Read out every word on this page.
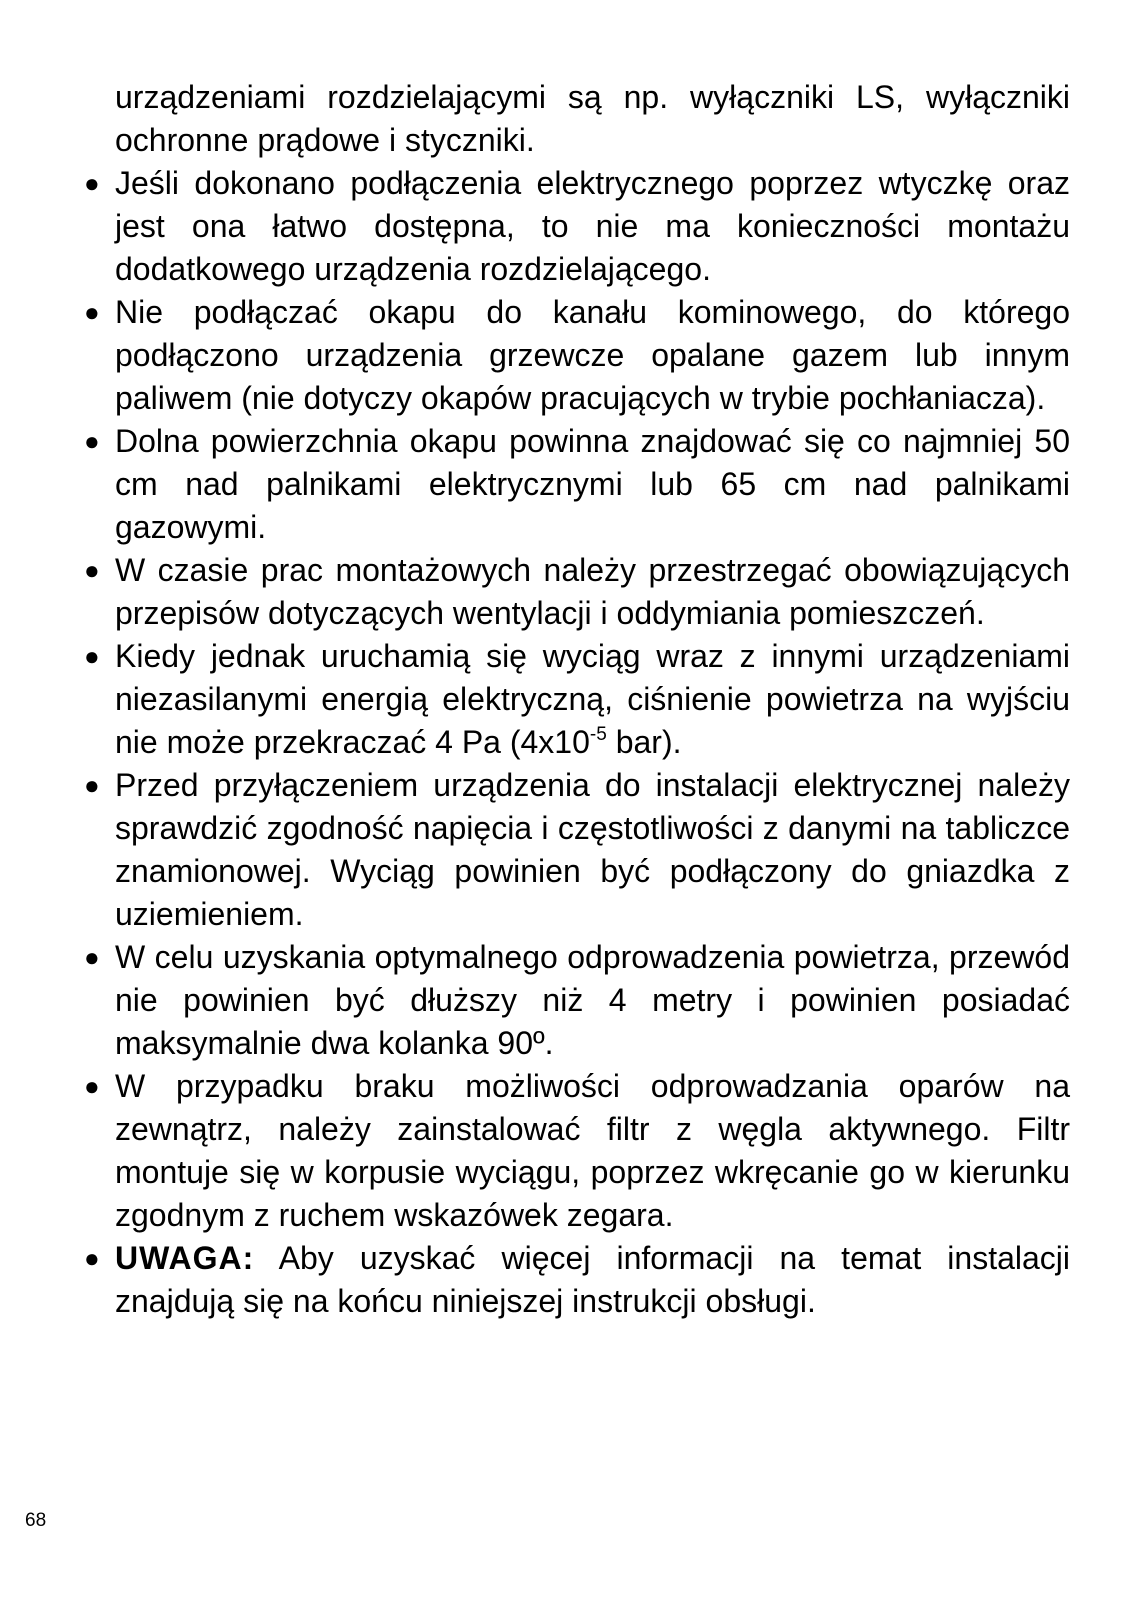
urządzeniami rozdzielającymi są np. wyłączniki LS, wyłączniki ochronne prądowe i styczniki.

● Jeśli dokonano podłączenia elektrycznego poprzez wtyczkę oraz jest ona łatwo dostępna, to nie ma konieczności montażu dodatkowego urządzenia rozdzielającego.
● Nie podłączać okapu do kanału kominowego, do którego podłączono urządzenia grzewcze opalane gazem lub innym paliwem (nie dotyczy okapów pracujących w trybie pochłaniacza).
● Dolna powierzchnia okapu powinna znajdować się co najmniej 50 cm nad palnikami elektrycznymi lub 65 cm nad palnikami gazowymi.
● W czasie prac montażowych należy przestrzegać obowiązujących przepisów dotyczących wentylacji i oddymiania pomieszczeń.
● Kiedy jednak uruchamią się wyciąg wraz z innymi urządzeniami niezasilanymi energią elektryczną, ciśnienie powietrza na wyjściu nie może przekraczać 4 Pa ($4x10^{-5}$ bar).
● Przed przyłączeniem urządzenia do instalacji elektrycznej należy sprawdzić zgodność napięcia i częstotliwości z danymi na tabliczce znamionowej. Wyciąg powinien być podłączony do gniazdka z uziemieniem.
● W celu uzyskania optymalnego odprowadzenia powietrza, przewód nie powinien być dłuższy niż 4 metry i powinien posiadać maksymalnie dwa kolanka 90º.
● W przypadku braku możliwości odprowadzania oparów na zewnątrz, należy zainstalować filtr z węgla aktywnego. Filtr montuje się w korpusie wyciągu, poprzez wkręcanie go w kierunku zgodnym z ruchem wskazówek zegara.
● UWAGA: Aby uzyskać więcej informacji na temat instalacji znajdują się na końcu niniejszej instrukcji obsługi.
68
